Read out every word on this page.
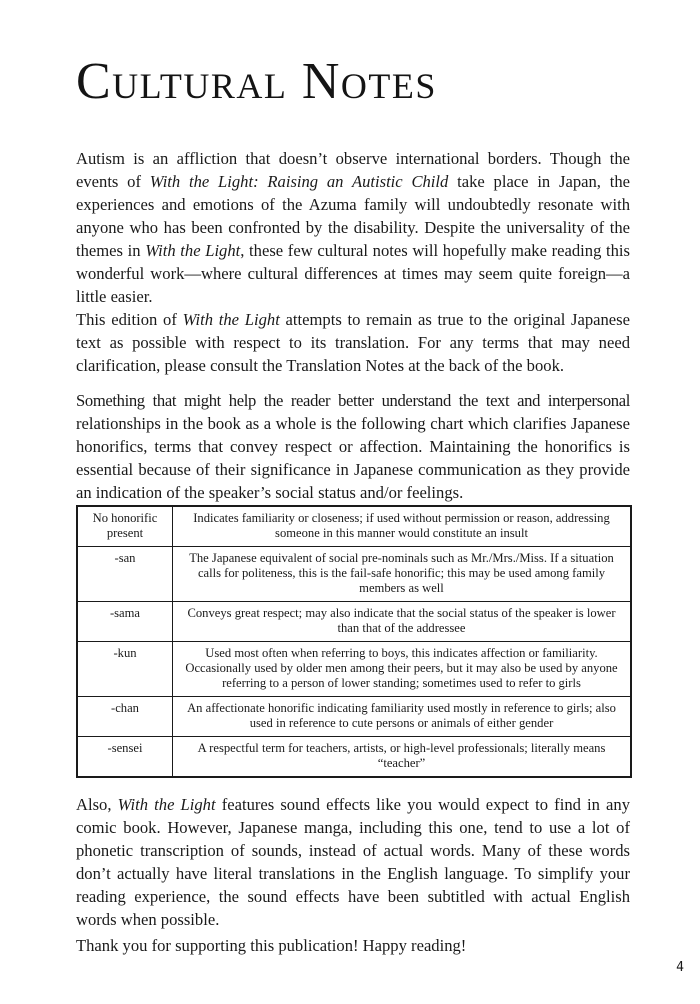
Cultural Notes

Autism is an affliction that doesn’t observe international borders. Though the events of With the Light: Raising an Autistic Child take place in Japan, the experiences and emotions of the Azuma family will undoubtedly resonate with anyone who has been confronted by the disability. Despite the universality of the themes in With the Light, these few cultural notes will hopefully make reading this wonderful work—where cultural differences at times may seem quite foreign—a little easier.

This edition of With the Light attempts to remain as true to the original Japanese text as possible with respect to its translation. For any terms that may need clarification, please consult the Translation Notes at the back of the book.

Something that might help the reader better understand the text and interpersonal relationships in the book as a whole is the following chart which clarifies Japanese honorifics, terms that convey respect or affection. Maintaining the honorifics is essential because of their significance in Japanese communication as they provide an indication of the speaker’s social status and/or feelings.

No honorific present	Indicates familiarity or closeness; if used without permission or reason, addressing someone in this manner would constitute an insult
-san	The Japanese equivalent of social pre-nominals such as Mr./Mrs./Miss. If a situation calls for politeness, this is the fail-safe honorific; this may be used among family members as well
-sama	Conveys great respect; may also indicate that the social status of the speaker is lower than that of the addressee
-kun	Used most often when referring to boys, this indicates affection or familiarity. Occasionally used by older men among their peers, but it may also be used by anyone referring to a person of lower standing; sometimes used to refer to girls
-chan	An affectionate honorific indicating familiarity used mostly in reference to girls; also used in reference to cute persons or animals of either gender
-sensei	A respectful term for teachers, artists, or high-level professionals; literally means “teacher”

Also, With the Light features sound effects like you would expect to find in any comic book. However, Japanese manga, including this one, tend to use a lot of phonetic transcription of sounds, instead of actual words. Many of these words don’t actually have literal translations in the English language. To simplify your reading experience, the sound effects have been subtitled with actual English words when possible.

Thank you for supporting this publication! Happy reading!

4
